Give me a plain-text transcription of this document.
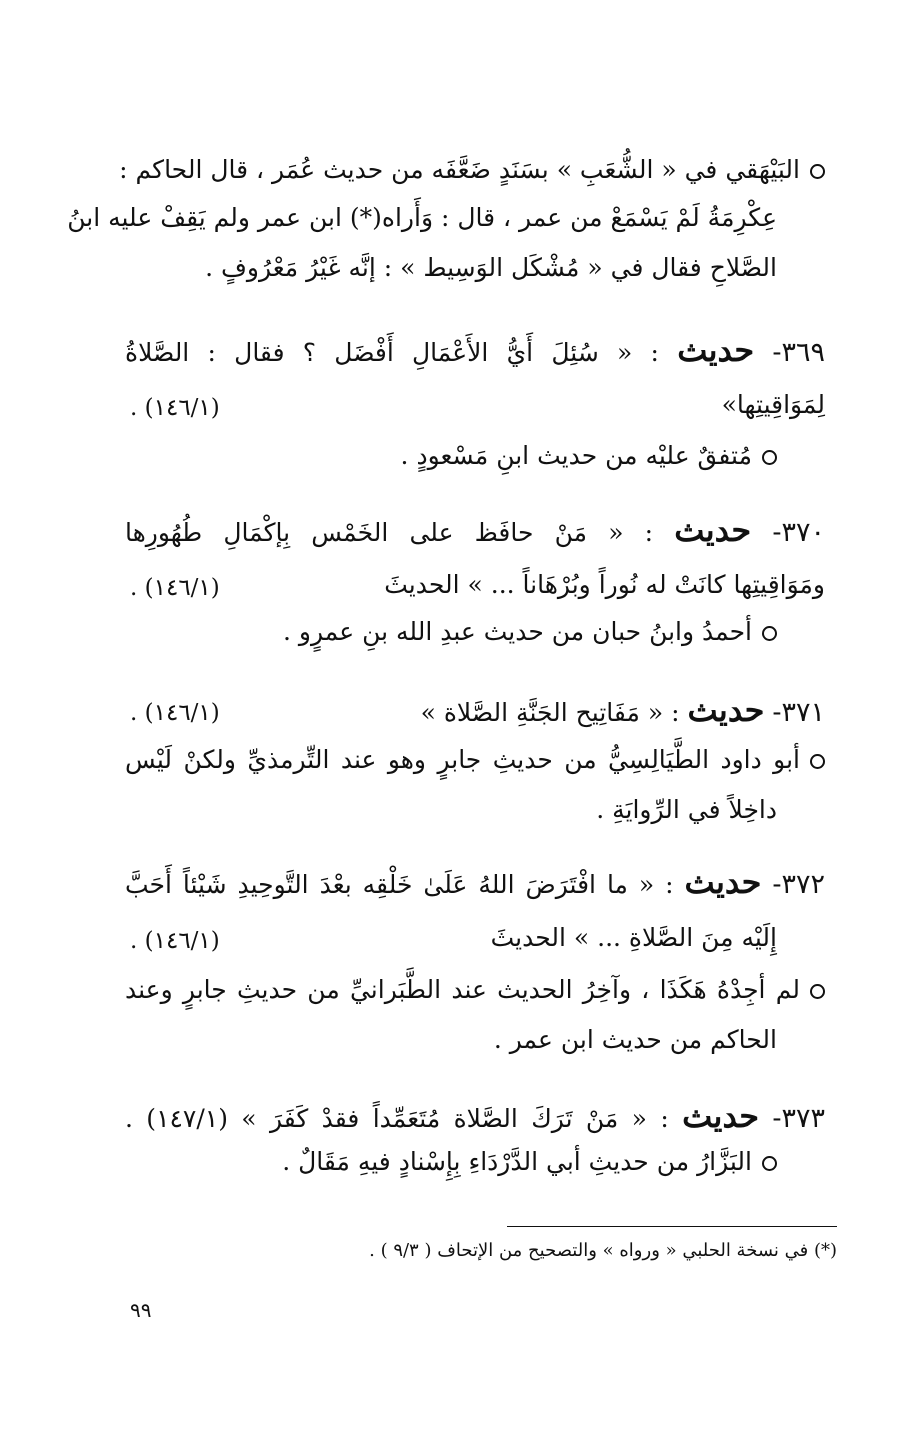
البَيْهَقي في « الشُّعَبِ » بسَنَدٍ ضَعَّفَه من حديث عُمَر ، قال الحاكم :
عِكْرِمَةُ لَمْ يَسْمَعْ من عمر ، قال : وَأَراه(*) ابن عمر ولم يَقِفْ عليه ابنُ
الصَّلاحِ فقال في « مُشْكَل الوَسِيط » : إنَّه غَيْرُ مَعْرُوفٍ .
٣٦٩- حديث : « سُئِلَ أَيُّ الأَعْمَالِ أَفْضَل ؟ فقال : الصَّلاةُ
لِمَوَاقِيتِها»
(١٤٦/١) .
مُتفقٌ عليْه من حديث ابنِ مَسْعودٍ .
٣٧٠- حديث : « مَنْ حافَظ على الخَمْس بِإكْمَالِ طُهُورِها
ومَوَاقِيتِها كانَتْ له نُوراً وبُرْهَاناً ... » الحديثَ
(١٤٦/١) .
أحمدُ وابنُ حبان من حديث عبدِ الله بنِ عمرٍو .
٣٧١- حديث : « مَفَاتِيح الجَنَّةِ الصَّلاة »
(١٤٦/١) .
أبو داود الطَّيَالِسِيُّ من حديثِ جابرٍ وهو عند التِّرمذيِّ ولكنْ لَيْس
داخِلاً في الرِّوايَةِ .
٣٧٢- حديث : « ما افْتَرَضَ اللهُ عَلَىٰ خَلْقِه بعْدَ التَّوحِيدِ شَيْئاً أَحَبَّ
إِلَيْه مِنَ الصَّلاةِ ... » الحديثَ
(١٤٦/١) .
لم أجِدْهُ هَكَذَا ، وآخِرُ الحديث عند الطَّبَرانيِّ من حديثِ جابرٍ وعند
الحاكم من حديث ابن عمر .
٣٧٣- حديث : « مَنْ تَرَكَ الصَّلاة مُتَعَمِّداً فقدْ كَفَرَ » (١٤٧/١) .
البَزَّارُ من حديثِ أبي الدَّرْدَاءِ بِإِسْنادٍ فيهِ مَقَالٌ .
(*) في نسخة الحلبي « ورواه » والتصحيح من الإتحاف ( ٩/٣ ) .
٩٩
